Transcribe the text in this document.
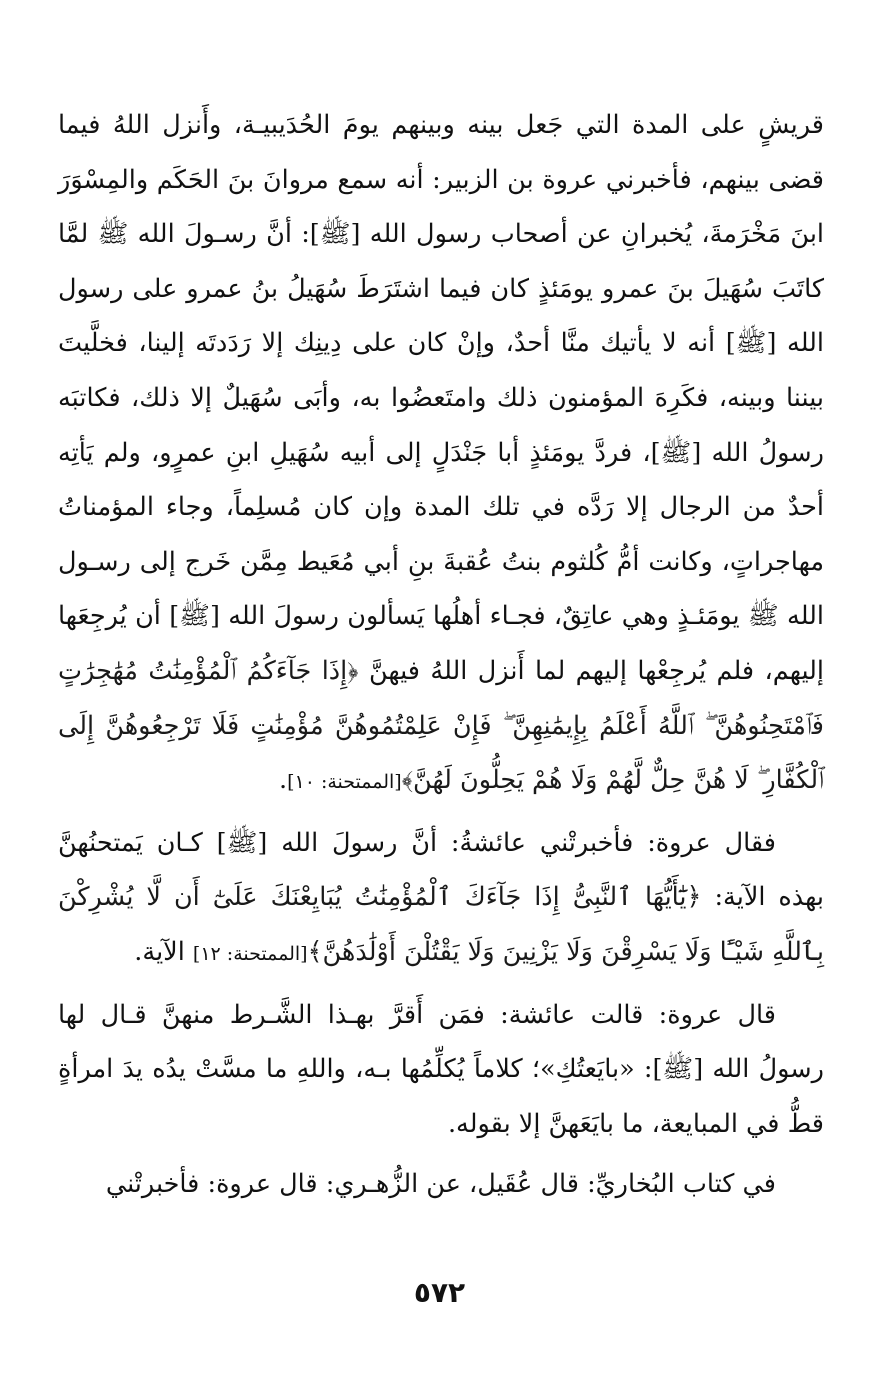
قريشٍ على المدة التي جَعل بينه وبينهم يومَ الحُدَيبيـة، وأَنزل اللهُ فيما قضى بينهم، فأخبرني عروة بن الزبير: أنه سمع مروانَ بنَ الحَكَم والمِسْوَرَ ابنَ مَخْرَمةَ، يُخبرانِ عن أصحاب رسول الله [ﷺ]: أنَّ رسـولَ الله ﷺ لمَّا كاتَبَ سُهَيلَ بنَ عمرو يومَئذٍ كان فيما اشتَرَطَ سُهَيلُ بنُ عمرو على رسول الله [ﷺ] أنه لا يأتيك منَّا أحدٌ، وإنْ كان على دِينِك إلا رَدَدتَه إلينا، فخلَّيتَ بيننا وبينه، فكَرِهَ المؤمنون ذلك وامتَعضُوا به، وأبَى سُهَيلٌ إلا ذلك، فكاتبَه رسولُ الله [ﷺ]، فردَّ يومَئذٍ أبا جَنْدَلٍ إلى أبيه سُهَيلِ ابنِ عمرٍو، ولم يَأتِه أحدٌ من الرجال إلا رَدَّه في تلك المدة وإن كان مُسلِماً، وجاء المؤمناتُ مهاجراتٍ، وكانت أمُّ كُلثوم بنتُ عُقبةَ بنِ أبي مُعَيط مِمَّن خَرج إلى رسـول الله ﷺ يومَئـذٍ وهي عاتِقٌ، فجـاء أهلُها يَسألون رسولَ الله [ﷺ] أن يُرجِعَها إليهم، فلم يُرجِعْها إليهم لما أَنزل اللهُ فيهنَّ ﴿إِذَا جَآءَكُمُ ٱلْمُؤْمِنَٰتُ مُهَٰجِرَٰتٍ فَٱمْتَحِنُوهُنَّ ۖ ٱللَّهُ أَعْلَمُ بِإِيمَٰنِهِنَّ ۖ فَإِنْ عَلِمْتُمُوهُنَّ مُؤْمِنَٰتٍ فَلَا تَرْجِعُوهُنَّ إِلَى ٱلْكُفَّارِ ۖ لَا هُنَّ حِلٌّ لَّهُمْ وَلَا هُمْ يَحِلُّونَ لَهُنَّ﴾[الممتحنة: ١٠].

فقال عروة: فأخبرتْني عائشةُ: أنَّ رسولَ الله [ﷺ] كـان يَمتحنُهنَّ بهذه الآية: ﴿يَٰٓأَيُّهَا ٱلنَّبِىُّ إِذَا جَآءَكَ ٱلْمُؤْمِنَٰتُ يُبَايِعْنَكَ عَلَىٰٓ أَن لَّا يُشْرِكْنَ بِٱللَّهِ شَيْـًٔا وَلَا يَسْرِقْنَ وَلَا يَزْنِينَ وَلَا يَقْتُلْنَ أَوْلَٰدَهُنَّ﴾[الممتحنة: ١٢] الآية.

قال عروة: قالت عائشة: فمَن أَقرَّ بهـذا الشَّـرط منهنَّ قـال لها رسولُ الله [ﷺ]: «بايَعتُكِ»؛ كلاماً يُكلِّمُها بـه، واللهِ ما مسَّتْ يدُه يدَ امرأةٍ قطُّ في المبايعة، ما بايَعَهنَّ إلا بقوله.

في كتاب البُخاريِّ: قال عُقَيل، عن الزُّهـري: قال عروة: فأخبرتْني

٥٧٢
